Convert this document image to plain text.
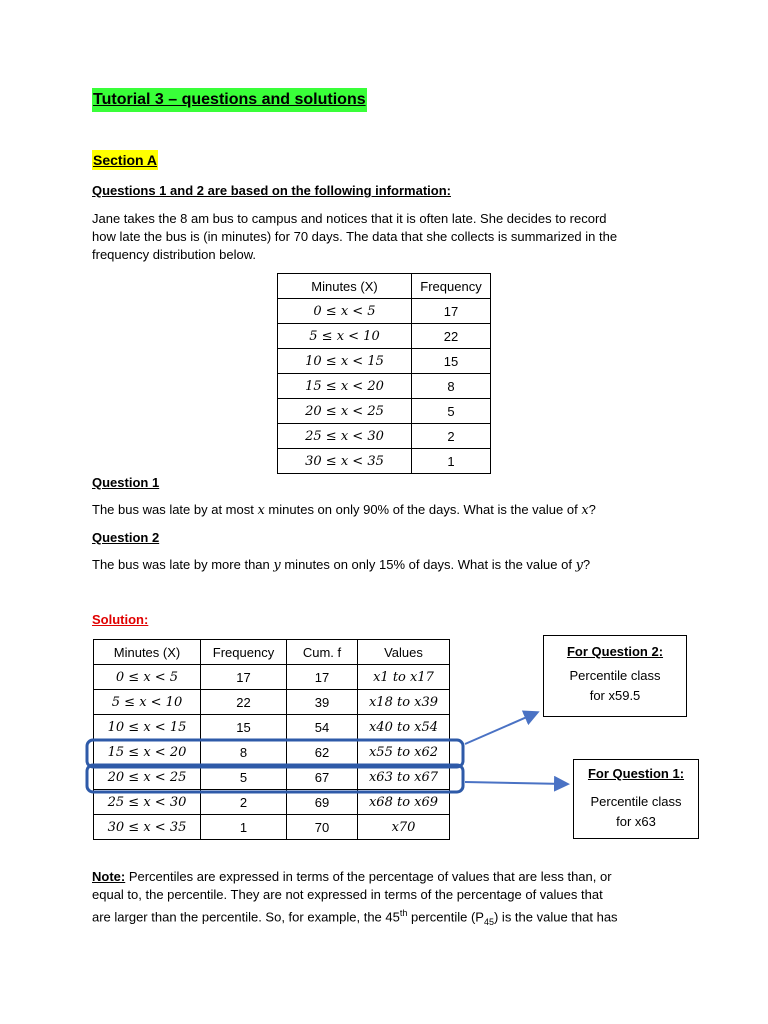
Tutorial 3 – questions and solutions
Section A
Questions 1 and 2 are based on the following information:
Jane takes the 8 am bus to campus and notices that it is often late. She decides to record
how late the bus is (in minutes) for 70 days. The data that she collects is summarized in the
frequency distribution below.
Minutes (X)	Frequency
0 ≤ x < 5	17
5 ≤ x < 10	22
10 ≤ x < 15	15
15 ≤ x < 20	8
20 ≤ x < 25	5
25 ≤ x < 30	2
30 ≤ x < 35	1
Question 1
The bus was late by at most x minutes on only 90% of the days. What is the value of x?
Question 2
The bus was late by more than y minutes on only 15% of days. What is the value of y?
Solution:
Minutes (X)	Frequency	Cum. f	Values
0 ≤ x < 5	17	17	x1 to x17
5 ≤ x < 10	22	39	x18 to x39
10 ≤ x < 15	15	54	x40 to x54
15 ≤ x < 20	8	62	x55 to x62
20 ≤ x < 25	5	67	x63 to x67
25 ≤ x < 30	2	69	x68 to x69
30 ≤ x < 35	1	70	x70
For Question 2:
Percentile class
for x59.5
For Question 1:
Percentile class
for x63
Note: Percentiles are expressed in terms of the percentage of values that are less than, or
equal to, the percentile. They are not expressed in terms of the percentage of values that
are larger than the percentile. So, for example, the 45th percentile $(P_{45})$ is the value that has
